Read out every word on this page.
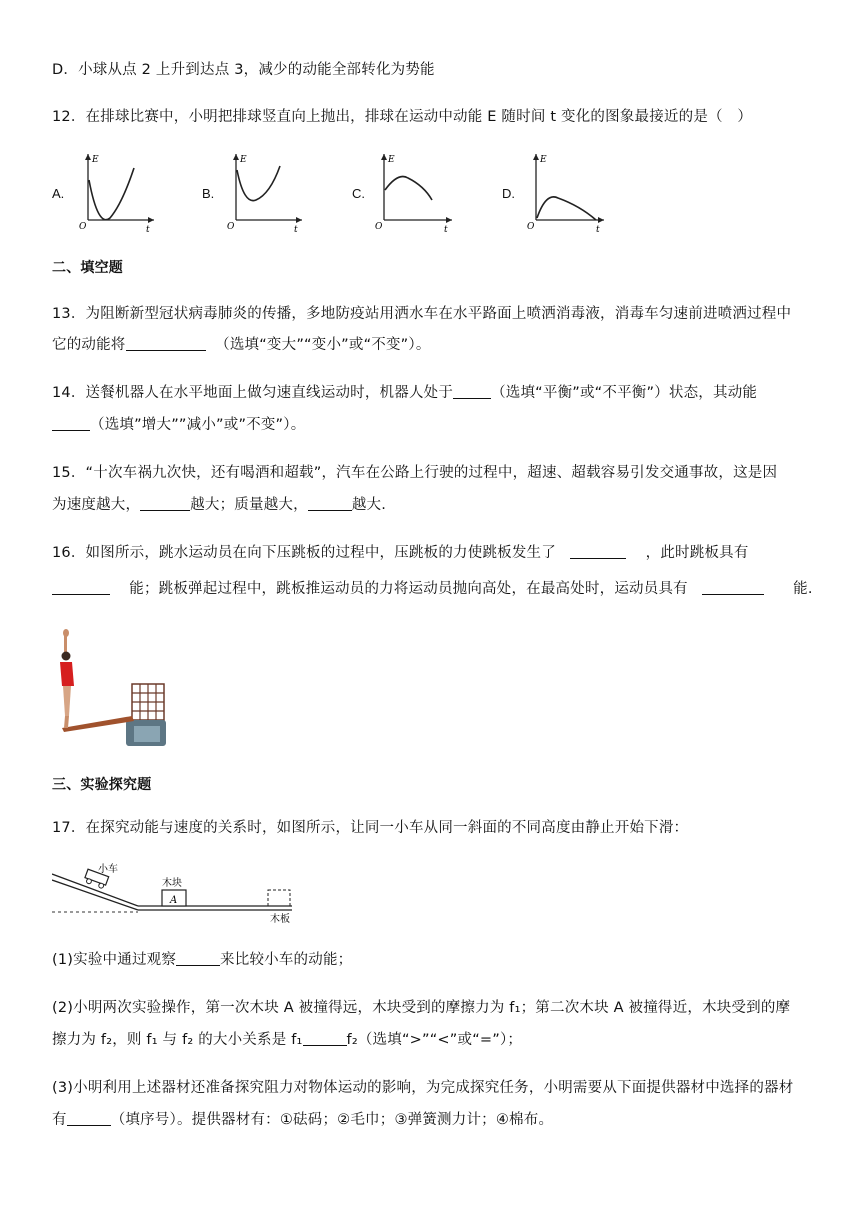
D．小球从点 2 上升到达点 3，减少的动能全部转化为势能
12．在排球比赛中，小明把排球竖直向上抛出，排球在运动中动能 E 随时间 t 变化的图象最接近的是（　）
A.
E
O	t
B.
E
O	t
C.
E
O	t
D.
E
O	t
二、填空题
13．为阻断新型冠状病毒肺炎的传播，多地防疫站用洒水车在水平路面上喷洒消毒液，消毒车匀速前进喷洒过程中
它的动能将	（选填“变大”“变小”或“不变”）。
14．送餐机器人在水平地面上做匀速直线运动时，机器人处于	（选填“平衡”或“不平衡”）状态，其动能
（选填”增大””减小”或”不变”）。
15．“十次车祸九次快，还有喝酒和超载”，汽车在公路上行驶的过程中，超速、超载容易引发交通事故，这是因
为速度越大，	越大；质量越大，	越大.
16．如图所示，跳水运动员在向下压跳板的过程中，压跳板的力使跳板发生了	，此时跳板具有
能；跳板弹起过程中，跳板推运动员的力将运动员抛向高处，在最高处时，运动员具有	能.
三、实验探究题
17．在探究动能与速度的关系时，如图所示，让同一小车从同一斜面的不同高度由静止开始下滑：
小车
A
木块
木板
(1)实验中通过观察	来比较小车的动能；
(2)小明两次实验操作，第一次木块 A 被撞得远，木块受到的摩擦力为 f₁；第二次木块 A 被撞得近，木块受到的摩
擦力为 f₂，则 f₁ 与 f₂ 的大小关系是 f₁	f₂（选填“>”“<”或“=”）；
(3)小明利用上述器材还准备探究阻力对物体运动的影响，为完成探究任务，小明需要从下面提供器材中选择的器材
有	（填序号）。提供器材有：①砝码；②毛巾；③弹簧测力计；④棉布。
